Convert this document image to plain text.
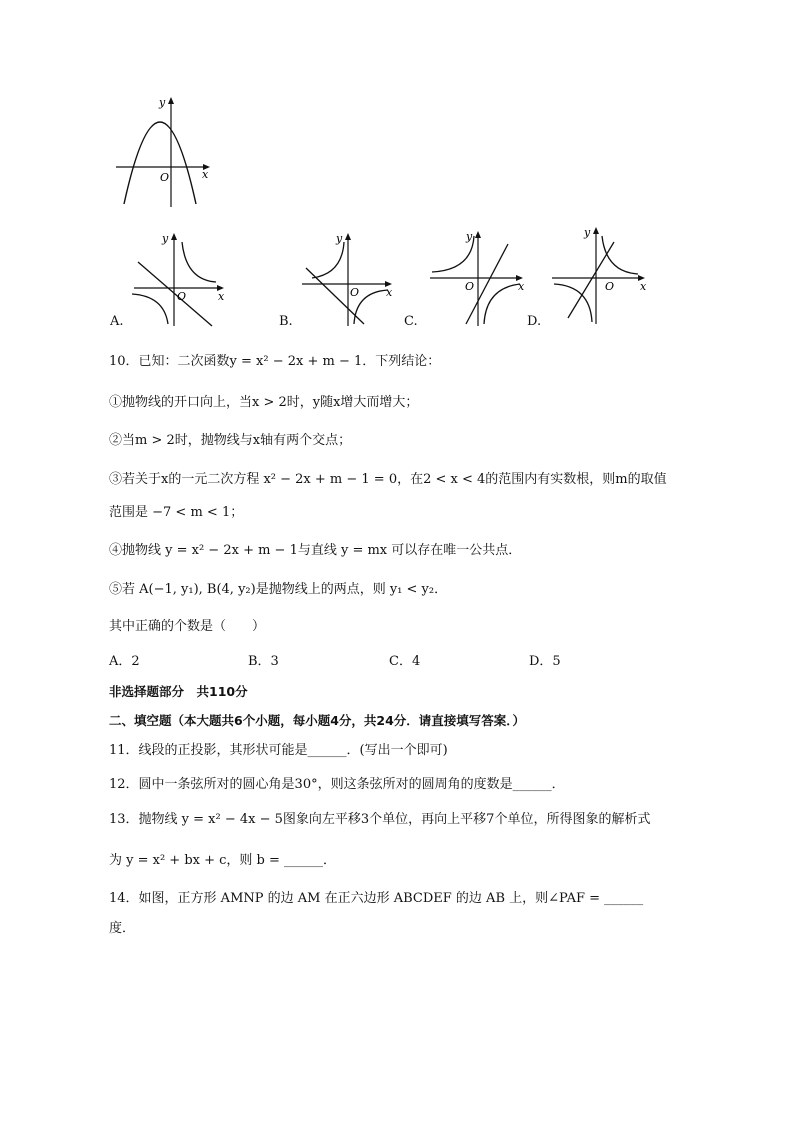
y
x
O
y
x
O
y
x
O
y
x
O
y
x
O
A.	B.	C.	D.
10．已知：二次函数y = x² − 2x + m − 1．下列结论：
①抛物线的开口向上，当x > 2时，y随x增大而增大；
②当m > 2时，抛物线与x轴有两个交点；
③若关于x的一元二次方程 x² − 2x + m − 1 = 0，在2 < x < 4的范围内有实数根，则m的取值
范围是 −7 < m < 1；
④抛物线 y = x² − 2x + m − 1与直线 y = mx 可以存在唯一公共点．
⑤若 A(−1, y₁), B(4, y₂)是抛物线上的两点，则 y₁ < y₂．
其中正确的个数是（　　）
A．2	B．3	C．4	D．5
非选择题部分　共110分
二、填空题（本大题共6个小题，每小题4分，共24分．请直接填写答案．）
11．线段的正投影，其形状可能是______．(写出一个即可)
12．圆中一条弦所对的圆心角是30°，则这条弦所对的圆周角的度数是______．
13．抛物线 y = x² − 4x − 5图象向左平移3个单位，再向上平移7个单位，所得图象的解析式
为 y = x² + bx + c，则 b = ______．
14．如图，正方形 AMNP 的边 AM 在正六边形 ABCDEF 的边 AB 上，则∠PAF = ______
度．
